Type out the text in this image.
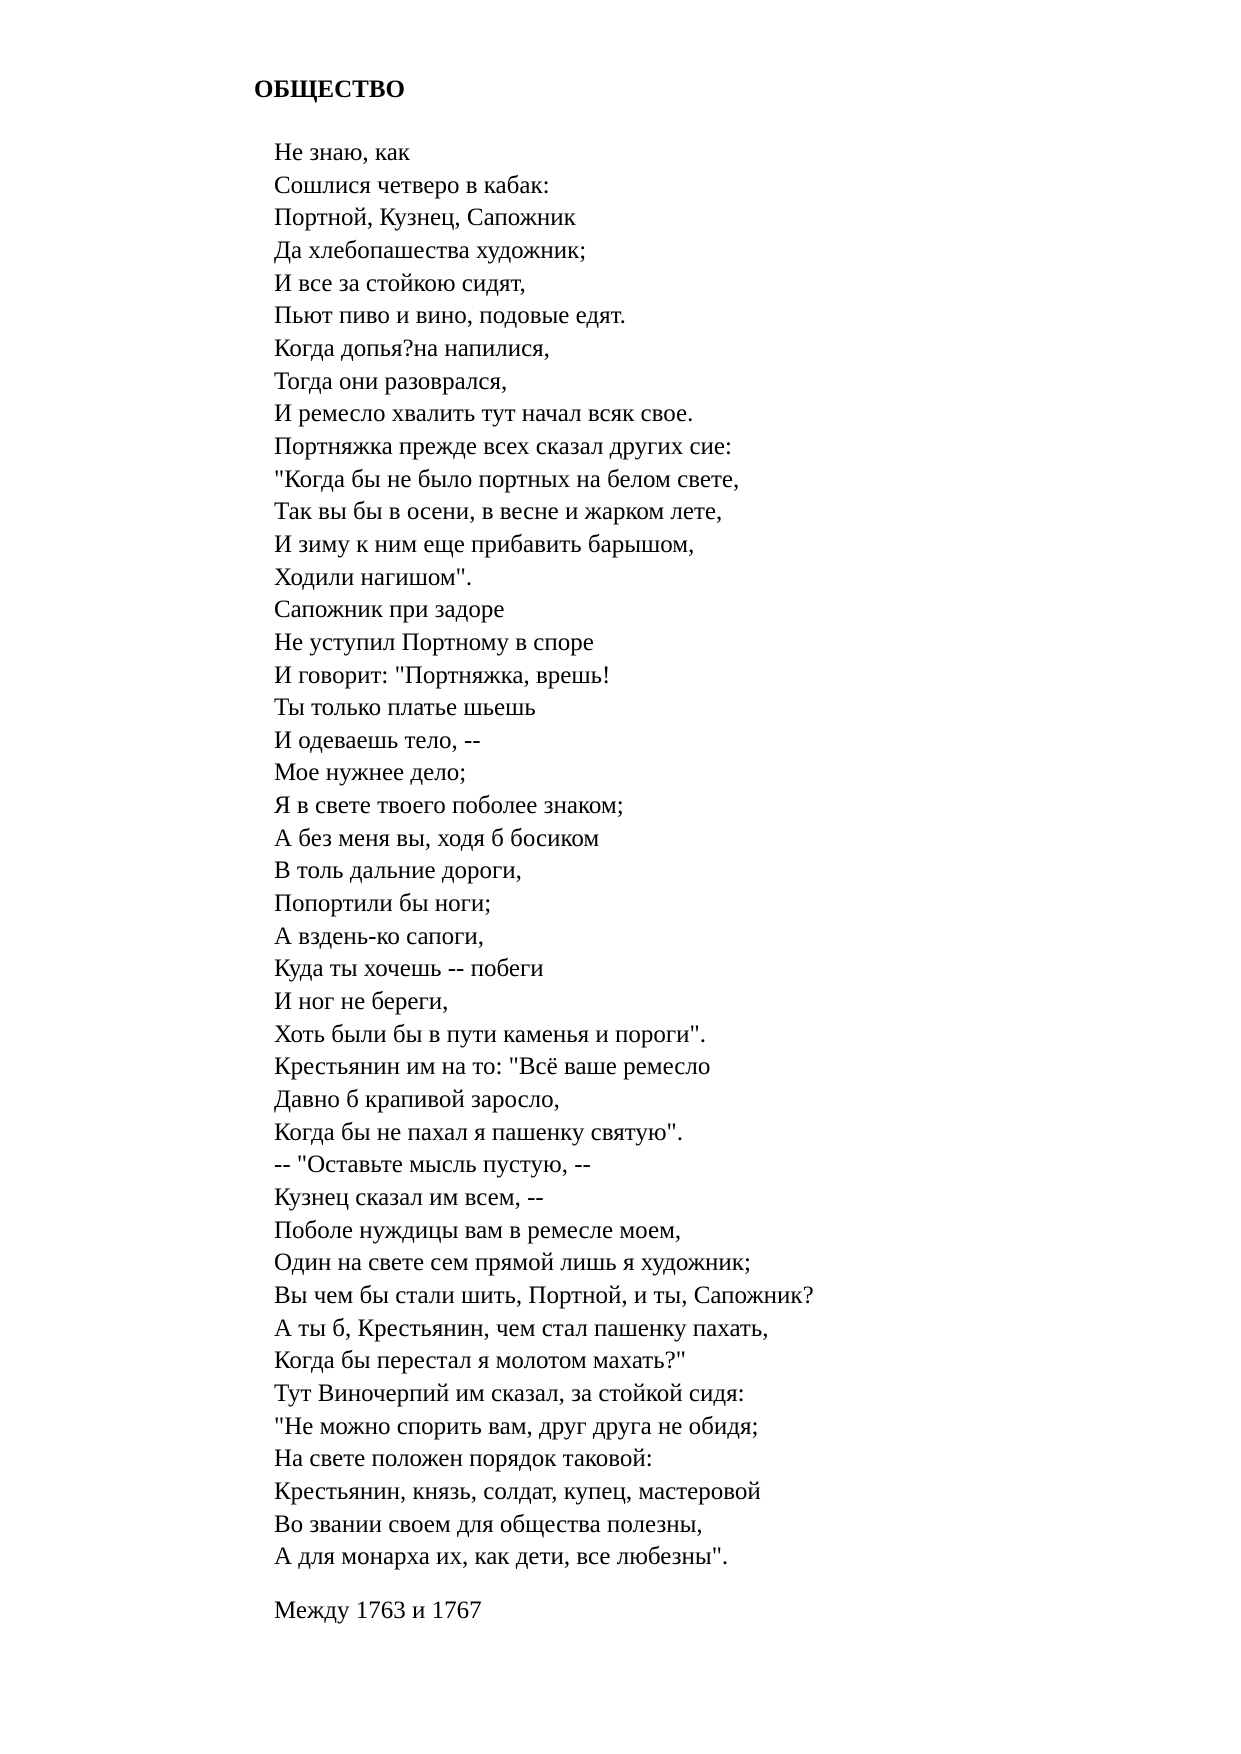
ОБЩЕСТВО
Не знаю, как
Сошлися четверо в кабак:
Портной, Кузнец, Сапожник
Да хлебопашества художник;
И все за стойкою сидят,
Пьют пиво и вино, подовые едят.
Когда допья?на напилися,
Тогда они разоврался,
И ремесло хвалить тут начал всяк свое.
Портняжка прежде всех сказал других сие:
"Когда бы не было портных на белом свете,
Так вы бы в осени, в весне и жарком лете,
И зиму к ним еще прибавить барышом,
Ходили нагишом".
Сапожник при задоре
Не уступил Портному в споре
И говорит: "Портняжка, врешь!
Ты только платье шьешь
И одеваешь тело, --
Мое нужнее дело;
Я в свете твоего поболее знаком;
А без меня вы, ходя б босиком
В толь дальние дороги,
Попортили бы ноги;
А вздень-ко сапоги,
Куда ты хочешь -- побеги
И ног не береги,
Хоть были бы в пути каменья и пороги".
Крестьянин им на то: "Всё ваше ремесло
Давно б крапивой заросло,
Когда бы не пахал я пашенку святую".
-- "Оставьте мысль пустую, --
Кузнец сказал им всем, --
Поболе нуждицы вам в ремесле моем,
Один на свете сем прямой лишь я художник;
Вы чем бы стали шить, Портной, и ты, Сапожник?
А ты б, Крестьянин, чем стал пашенку пахать,
Когда бы перестал я молотом махать?"
Тут Виночерпий им сказал, за стойкой сидя:
"Не можно спорить вам, друг друга не обидя;
На свете положен порядок таковой:
Крестьянин, князь, солдат, купец, мастеровой
Во звании своем для общества полезны,
А для монарха их, как дети, все любезны".

Между 1763 и 1767
